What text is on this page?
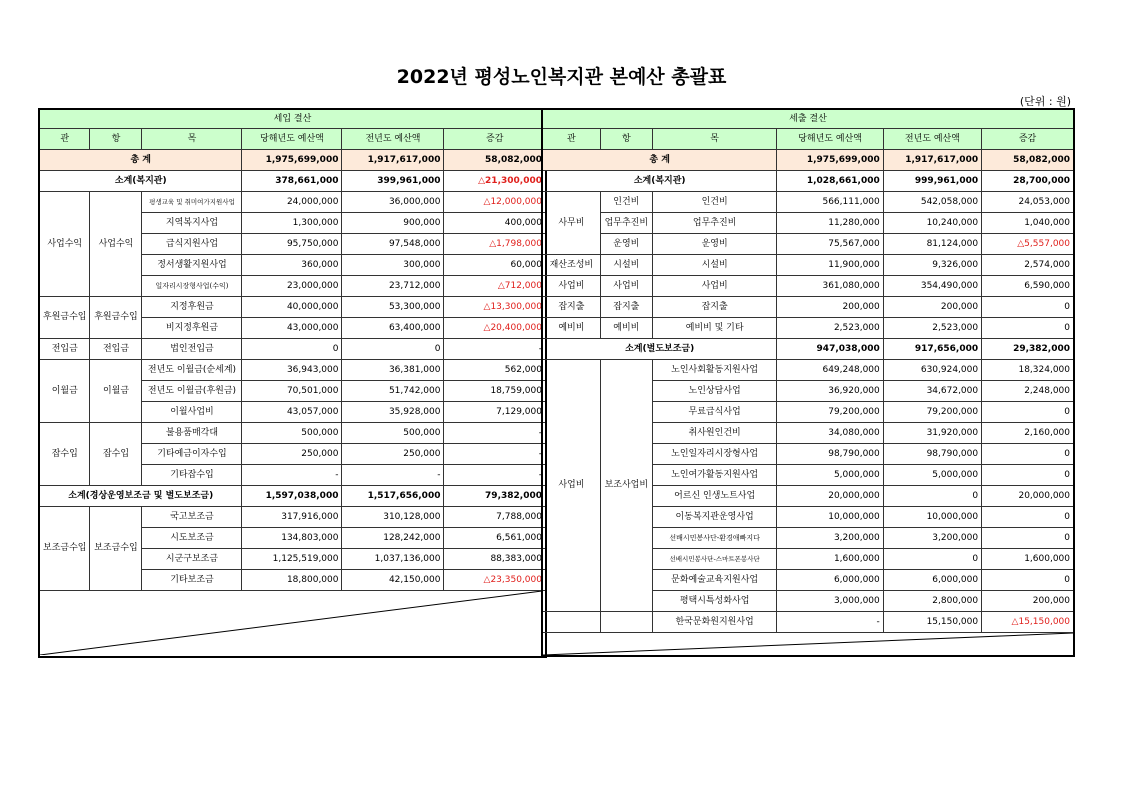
2022년 평성노인복지관 본예산 총괄표
(단위 : 원)
세입 결산					
관	항	목	당해년도 예산액	전년도 예산액	증감
총 계			1,975,699,000	1,917,617,000	58,082,000
소계(복지관)			378,661,000	399,961,000	△21,300,000
사업수익	사업수익	평생교육 및 취미여가지원사업	24,000,000	36,000,000	△12,000,000
		지역복지사업	1,300,000	900,000	400,000
		급식지원사업	95,750,000	97,548,000	△1,798,000
		정서생활지원사업	360,000	300,000	60,000
		일자리시장형사업(수익)	23,000,000	23,712,000	△712,000
후원금수입	후원금수입	지정후원금	40,000,000	53,300,000	△13,300,000
		비지정후원금	43,000,000	63,400,000	△20,400,000
전입금	전입금	법인전입금	0	0	-
이월금	이월금	전년도 이월금(순세계)	36,943,000	36,381,000	562,000
		전년도 이월금(후원금)	70,501,000	51,742,000	18,759,000
		이월사업비	43,057,000	35,928,000	7,129,000
잡수입	잡수입	불용품매각대	500,000	500,000	-
		기타예금이자수입	250,000	250,000	-
		기타잡수입	-	-	-
소계(경상운영보조금 및 별도보조금)			1,597,038,000	1,517,656,000	79,382,000
보조금수입	보조금수입	국고보조금	317,916,000	310,128,000	7,788,000
		시도보조금	134,803,000	128,242,000	6,561,000
		시군구보조금	1,125,519,000	1,037,136,000	88,383,000
		기타보조금	18,800,000	42,150,000	△23,350,000

세출 결산					
관	항	목	당해년도 예산액	전년도 예산액	증감
총 계			1,975,699,000	1,917,617,000	58,082,000
소계(복지관)			1,028,661,000	999,961,000	28,700,000
사무비	인건비	인건비	566,111,000	542,058,000	24,053,000
	업무추진비	업무추진비	11,280,000	10,240,000	1,040,000
	운영비	운영비	75,567,000	81,124,000	△5,557,000
재산조성비	시설비	시설비	11,900,000	9,326,000	2,574,000
사업비	사업비	사업비	361,080,000	354,490,000	6,590,000
잡지출	잡지출	잡지출	200,000	200,000	0
예비비	예비비	예비비 및 기타	2,523,000	2,523,000	0
소계(별도보조금)			947,038,000	917,656,000	29,382,000
사업비	보조사업비	노인사회활동지원사업	649,248,000	630,924,000	18,324,000
		노인상담사업	36,920,000	34,672,000	2,248,000
		무료급식사업	79,200,000	79,200,000	0
		취사원인건비	34,080,000	31,920,000	2,160,000
		노인일자리시장형사업	98,790,000	98,790,000	0
		노인여가활동지원사업	5,000,000	5,000,000	0
		어르신 인생노트사업	20,000,000	0	20,000,000
		이동복지관운영사업	10,000,000	10,000,000	0
		선배시민봉사단-환경애빠지다	3,200,000	3,200,000	0
		선배시민봉사단-스마트폰봉사단	1,600,000	0	1,600,000
		문화예술교육지원사업	6,000,000	6,000,000	0
		평택시특성화사업	3,000,000	2,800,000	200,000
		한국문화원지원사업	-	15,150,000	△15,150,000
